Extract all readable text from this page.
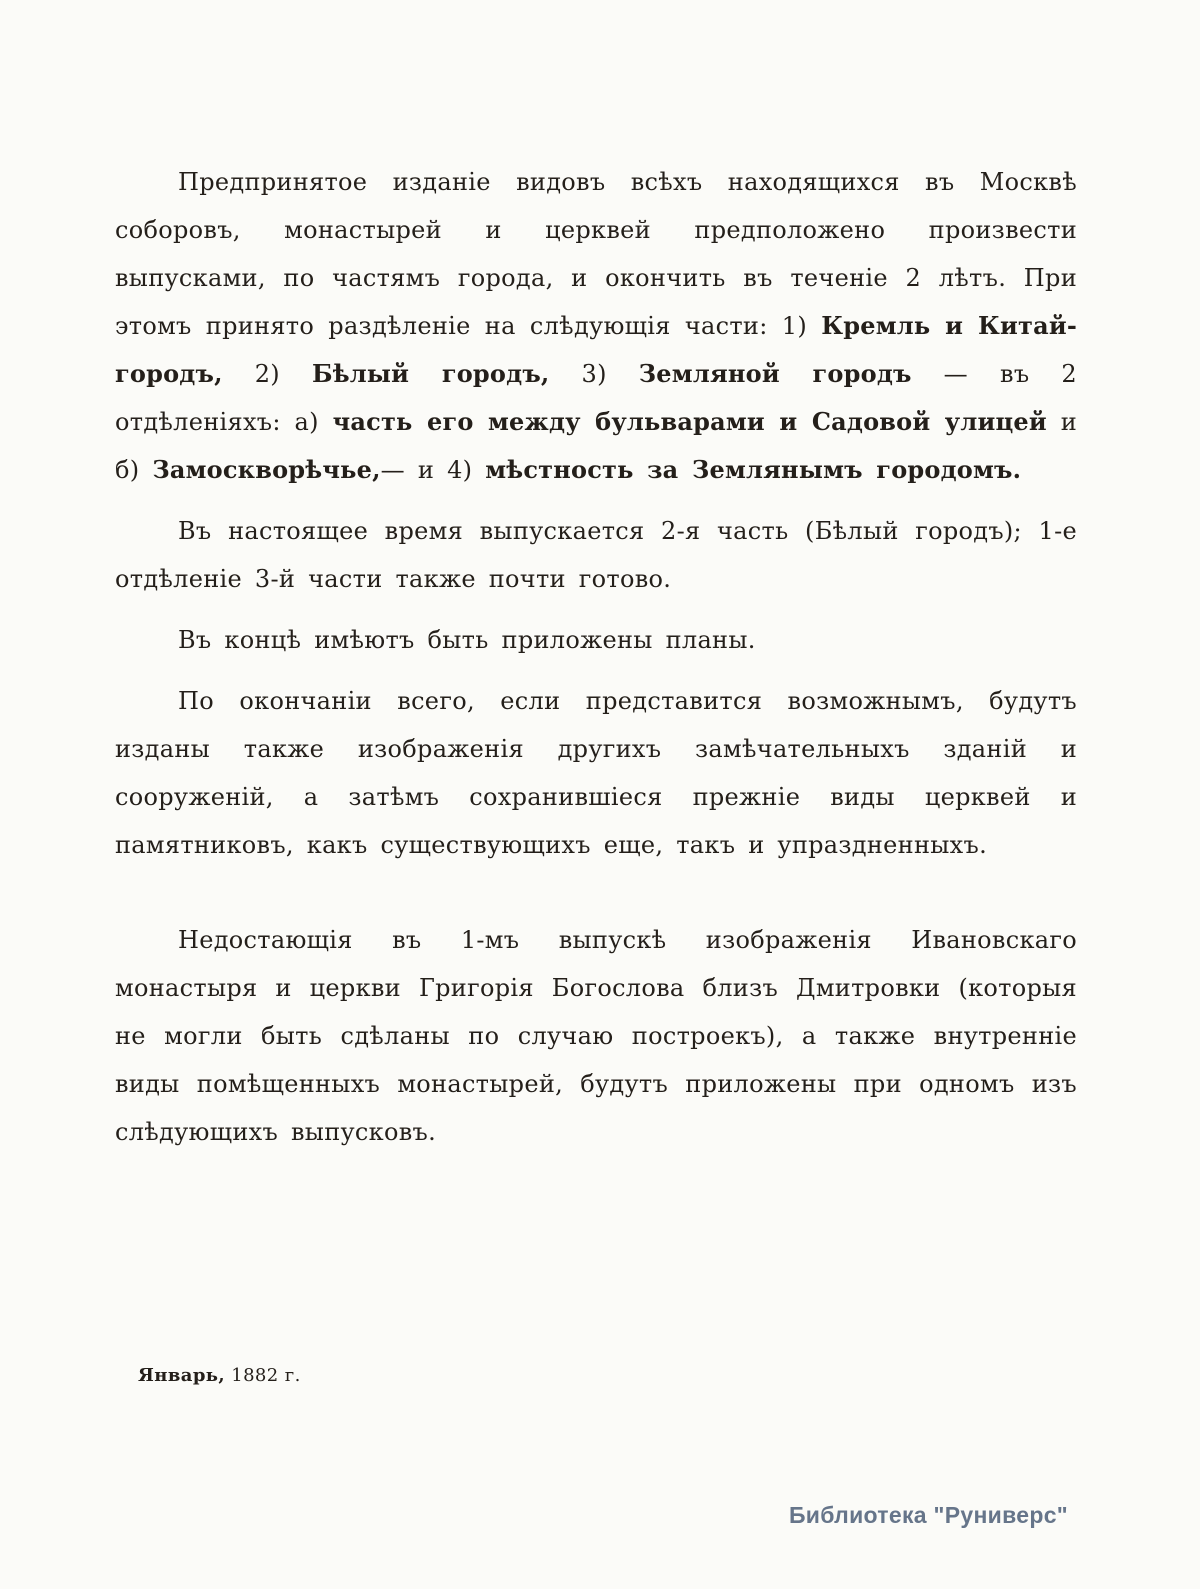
Предпринятое изданіе видовъ всѣхъ находящихся въ Москвѣ соборовъ, монастырей и церквей предположено произвести выпусками, по частямъ города, и окончить въ теченіе 2 лѣтъ. При этомъ принято раздѣленіе на слѣдующія части: 1) Кремль и Китай-городъ, 2) Бѣлый городъ, 3) Земляной городъ — въ 2 отдѣленіяхъ: а) часть его между бульварами и Садовой улицей и б) Замоскворѣчье,— и 4) мѣстность за Землянымъ городомъ.

Въ настоящее время выпускается 2-я часть (Бѣлый городъ); 1-е отдѣленіе 3-й части также почти готово.

Въ концѣ имѣютъ быть приложены планы.

По окончаніи всего, если представится возможнымъ, будутъ изданы также изображенія другихъ замѣчательныхъ зданій и сооруженій, а затѣмъ сохранившіеся прежніе виды церквей и памятниковъ, какъ существующихъ еще, такъ и упраздненныхъ.

Недостающія въ 1-мъ выпускѣ изображенія Ивановскаго монастыря и церкви Григорія Богослова близъ Дмитровки (которыя не могли быть сдѣланы по случаю построекъ), а также внутренніе виды помѣщенныхъ монастырей, будутъ приложены при одномъ изъ слѣдующихъ выпусковъ.

Январь, 1882 г.
Библиотека "Руниверс"
